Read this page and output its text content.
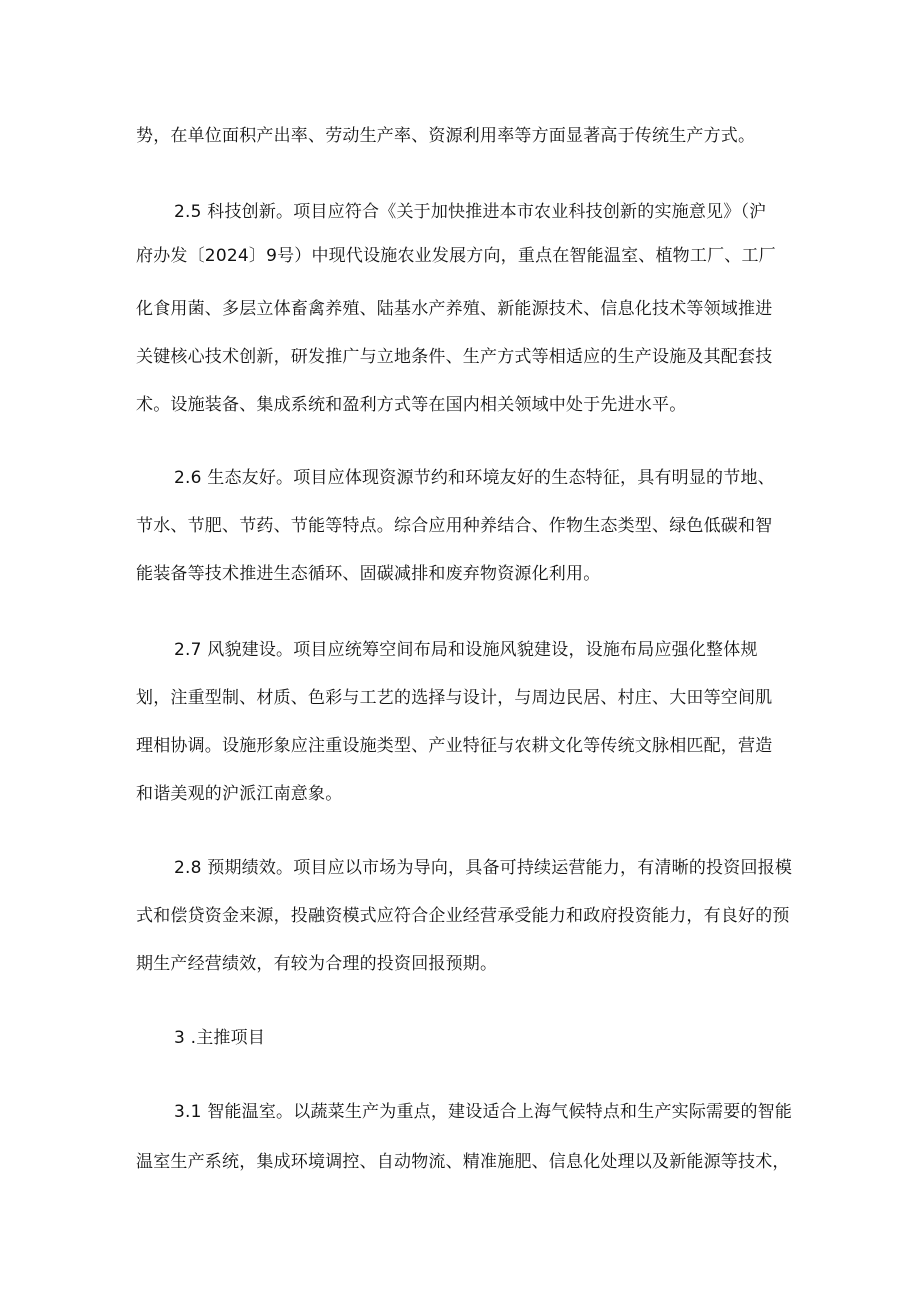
势，在单位面积产出率、劳动生产率、资源利用率等方面显著高于传统生产方式。
2.5 科技创新。项目应符合《关于加快推进本市农业科技创新的实施意见》（沪
府办发〔2024〕9号）中现代设施农业发展方向，重点在智能温室、植物工厂、工厂
化食用菌、多层立体畜禽养殖、陆基水产养殖、新能源技术、信息化技术等领域推进
关键核心技术创新，研发推广与立地条件、生产方式等相适应的生产设施及其配套技
术。设施装备、集成系统和盈利方式等在国内相关领域中处于先进水平。
2.6 生态友好。项目应体现资源节约和环境友好的生态特征，具有明显的节地、
节水、节肥、节药、节能等特点。综合应用种养结合、作物生态类型、绿色低碳和智
能装备等技术推进生态循环、固碳减排和废弃物资源化利用。
2.7 风貌建设。项目应统筹空间布局和设施风貌建设，设施布局应强化整体规
划，注重型制、材质、色彩与工艺的选择与设计，与周边民居、村庄、大田等空间肌
理相协调。设施形象应注重设施类型、产业特征与农耕文化等传统文脉相匹配，营造
和谐美观的沪派江南意象。
2.8 预期绩效。项目应以市场为导向，具备可持续运营能力，有清晰的投资回报模
式和偿贷资金来源，投融资模式应符合企业经营承受能力和政府投资能力，有良好的预
期生产经营绩效，有较为合理的投资回报预期。
3 .主推项目
3.1 智能温室。以蔬菜生产为重点，建设适合上海气候特点和生产实际需要的智能
温室生产系统，集成环境调控、自动物流、精准施肥、信息化处理以及新能源等技术，
